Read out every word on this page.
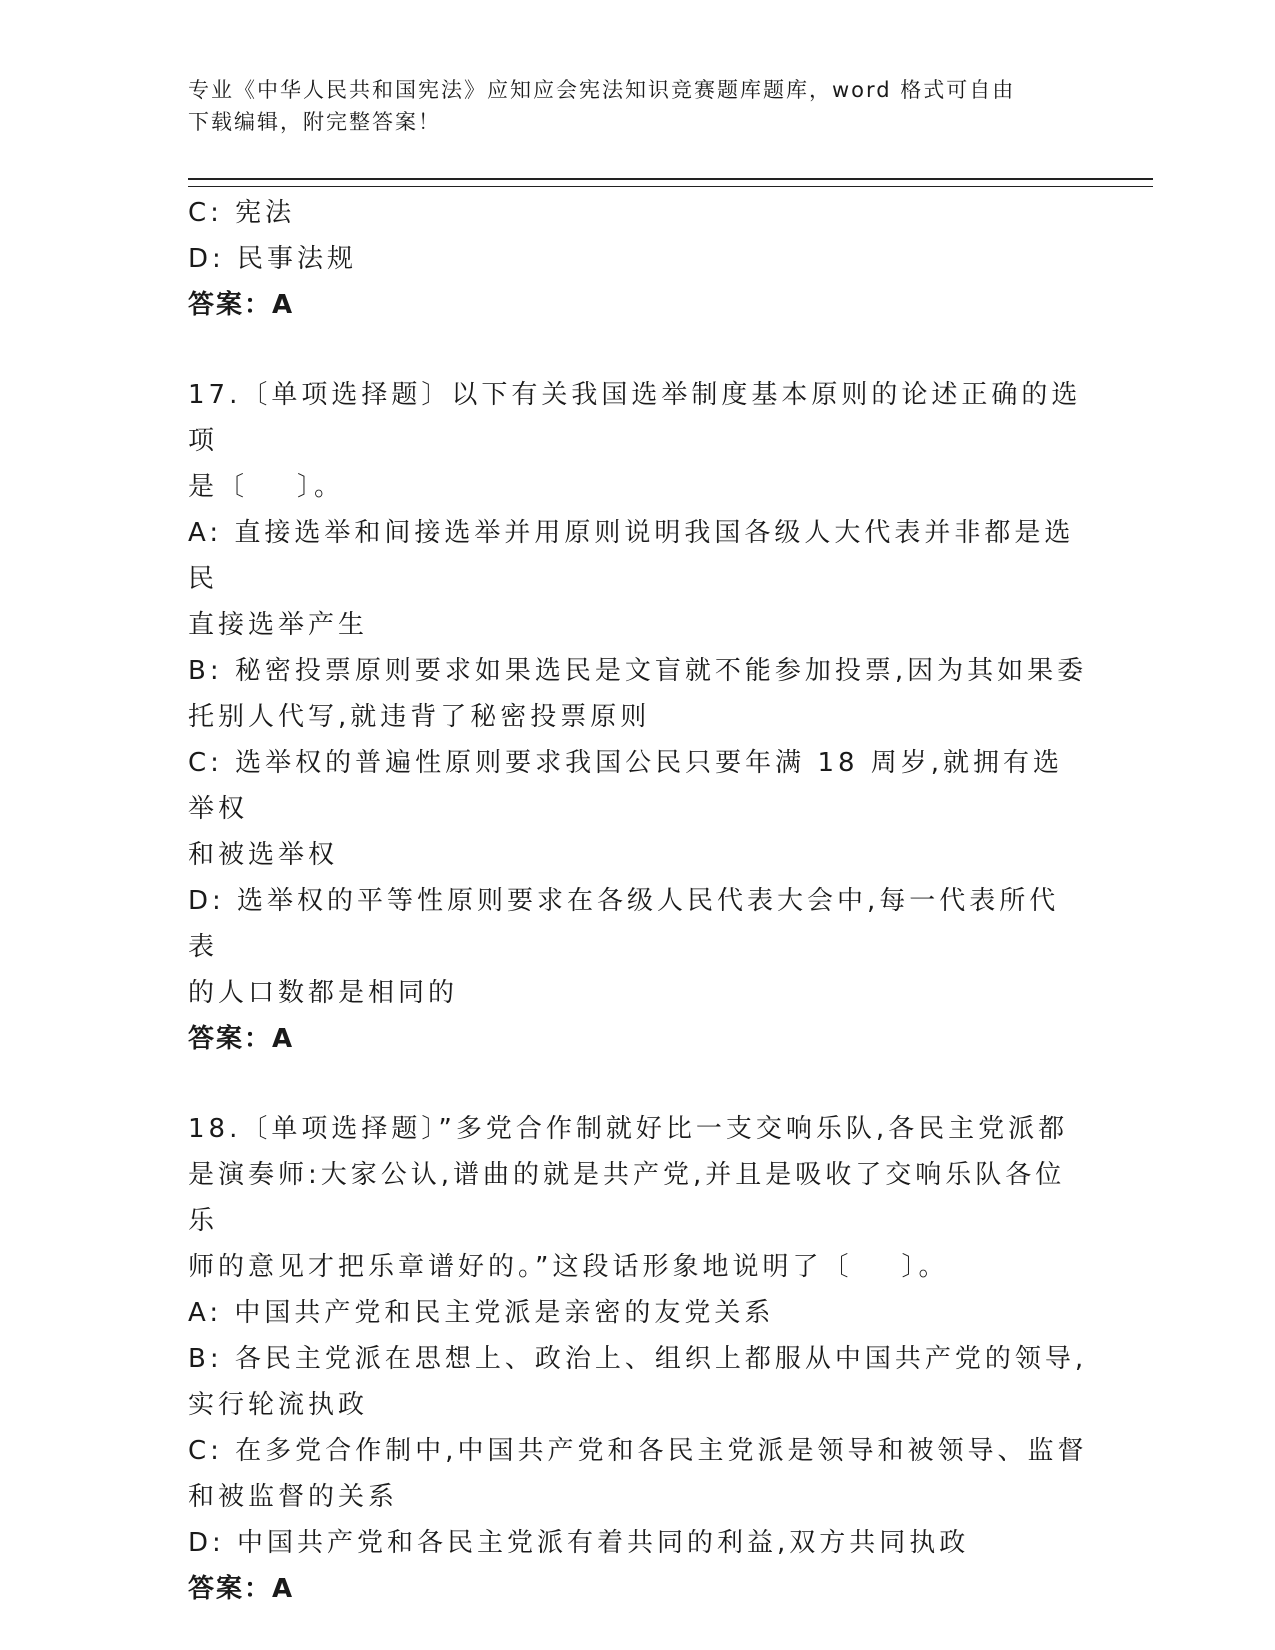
专业《中华人民共和国宪法》应知应会宪法知识竞赛题库题库，word 格式可自由
下载编辑，附完整答案！
C: 宪法
D: 民事法规
答案：A
17.〔单项选择题〕以下有关我国选举制度基本原则的论述正确的选项
是〔    〕。
A: 直接选举和间接选举并用原则说明我国各级人大代表并非都是选民
直接选举产生
B: 秘密投票原则要求如果选民是文盲就不能参加投票,因为其如果委
托别人代写,就违背了秘密投票原则
C: 选举权的普遍性原则要求我国公民只要年满 18 周岁,就拥有选举权
和被选举权
D: 选举权的平等性原则要求在各级人民代表大会中,每一代表所代表
的人口数都是相同的
答案：A
18.〔单项选择题〕”多党合作制就好比一支交响乐队,各民主党派都
是演奏师:大家公认,谱曲的就是共产党,并且是吸收了交响乐队各位乐
师的意见才把乐章谱好的。”这段话形象地说明了〔    〕。
A: 中国共产党和民主党派是亲密的友党关系
B: 各民主党派在思想上、政治上、组织上都服从中国共产党的领导,
实行轮流执政
C: 在多党合作制中,中国共产党和各民主党派是领导和被领导、监督
和被监督的关系
D: 中国共产党和各民主党派有着共同的利益,双方共同执政
答案：A
